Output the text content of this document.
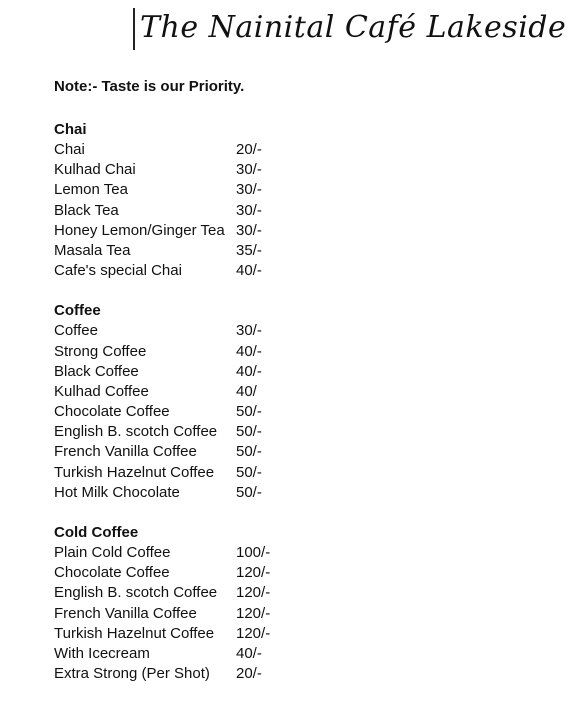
The Nainital Café Lakeside
Note:- Taste is our Priority.
Chai
Chai	20/-
Kulhad Chai	30/-
Lemon Tea	30/-
Black Tea	30/-
Honey Lemon/Ginger Tea 30/-
Masala Tea	35/-
Cafe's special Chai	40/-
Coffee
Coffee	30/-
Strong Coffee	40/-
Black Coffee	40/-
Kulhad Coffee	40/
Chocolate Coffee	50/-
English B. scotch Coffee	50/-
French Vanilla Coffee	50/-
Turkish Hazelnut Coffee	50/-
Hot Milk Chocolate	50/-
Cold Coffee
Plain Cold Coffee	100/-
Chocolate Coffee	120/-
English B. scotch Coffee	120/-
French Vanilla Coffee	120/-
Turkish Hazelnut Coffee	120/-
With Icecream	40/-
Extra Strong (Per Shot)	20/-
